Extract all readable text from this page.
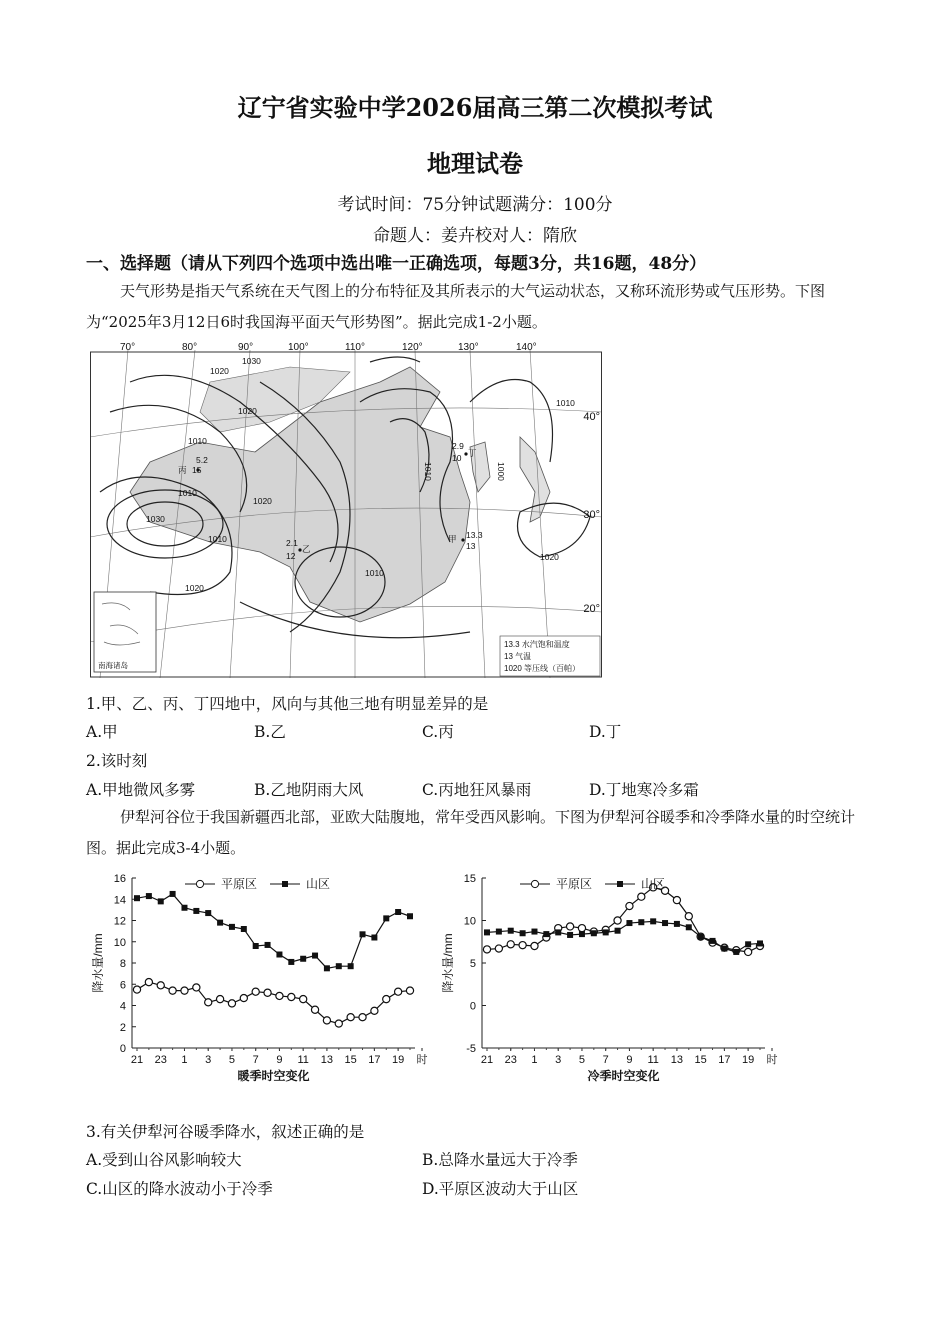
辽宁省实验中学2026届高三第二次模拟考试
地理试卷
考试时间：75分钟试题满分：100分
命题人：姜卉校对人：隋欣
一、选择题（请从下列四个选项中选出唯一正确选项，每题3分，共16题，48分）
天气形势是指天气系统在天气图上的分布特征及其所表示的大气运动状态，又称环流形势或气压形势。下图为“2025年3月12日6时我国海平面天气形势图”。据此完成1-2小题。
70°	80°	90°	100°	110°	120°	130°	140°
40°
30°
20°
1030
1010
1020
1010
1030
1020
1010
1020
1010
1010
1010
1020
1020
1000
丙
5.2
15
乙
2.1
12
甲 13.3
13
丁
2.9
10
南海诸岛
13.3 水汽饱和温度
13 气温
1020 等压线（百帕）
1.甲、乙、丙、丁四地中，风向与其他三地有明显差异的是
A.甲	B.乙	C.丙	D.丁
2.该时刻
A.甲地微风多雾	B.乙地阴雨大风	C.丙地狂风暴雨	D.丁地寒冷多霜
伊犁河谷位于我国新疆西北部，亚欧大陆腹地，常年受西风影响。下图为伊犁河谷暖季和冷季降水量的时空统计图。据此完成3-4小题。
0
2
4
6
8
10
12
14
16
21 23 1 3 5 7 9 11 13 15 17 19 时
暖季时空变化
降水量/mm
平原区	山区
-5
0
5
10
15
21 23 1 3 5 7 9 11 13 15 17 19 时
冷季时空变化
降水量/mm
平原区	山区
3.有关伊犁河谷暖季降水，叙述正确的是
A.受到山谷风影响较大	B.总降水量远大于冷季
C.山区的降水波动小于冷季	D.平原区波动大于山区
